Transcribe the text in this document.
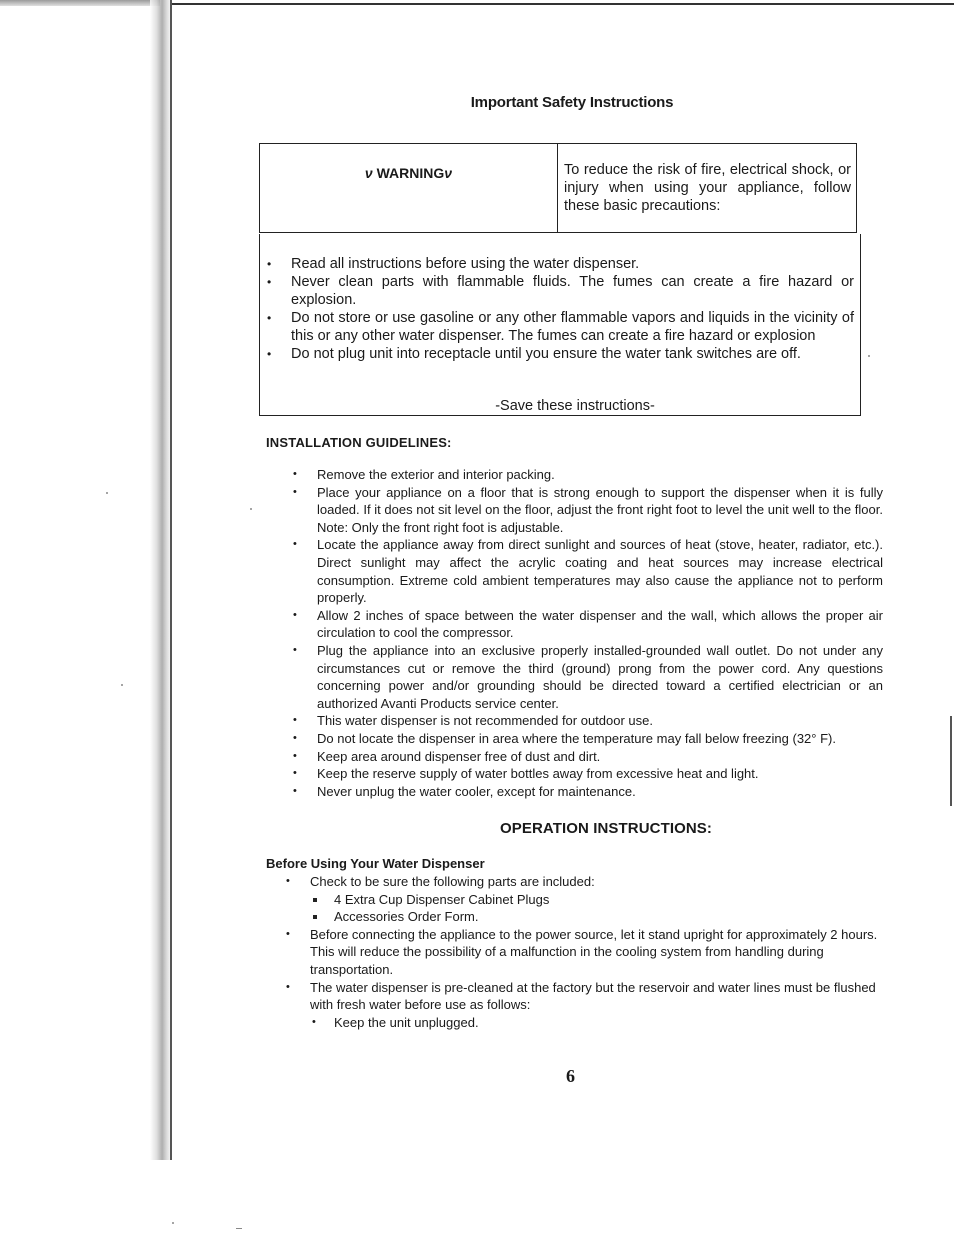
Important Safety Instructions
ν WARNINGν	To reduce the risk of fire, electrical shock, or injury when using your appliance, follow these basic precautions:
• Read all instructions before using the water dispenser.
• Never clean parts with flammable fluids. The fumes can create a fire hazard or explosion.
• Do not store or use gasoline or any other flammable vapors and liquids in the vicinity of this or any other water dispenser. The fumes can create a fire hazard or explosion
• Do not plug unit into receptacle until you ensure the water tank switches are off.
-Save these instructions-
INSTALLATION GUIDELINES:
• Remove the exterior and interior packing.
• Place your appliance on a floor that is strong enough to support the dispenser when it is fully loaded. If it does not sit level on the floor, adjust the front right foot to level the unit well to the floor. Note: Only the front right foot is adjustable.
• Locate the appliance away from direct sunlight and sources of heat (stove, heater, radiator, etc.). Direct sunlight may affect the acrylic coating and heat sources may increase electrical consumption. Extreme cold ambient temperatures may also cause the appliance not to perform properly.
• Allow 2 inches of space between the water dispenser and the wall, which allows the proper air circulation to cool the compressor.
• Plug the appliance into an exclusive properly installed-grounded wall outlet. Do not under any circumstances cut or remove the third (ground) prong from the power cord. Any questions concerning power and/or grounding should be directed toward a certified electrician or an authorized Avanti Products service center.
• This water dispenser is not recommended for outdoor use.
• Do not locate the dispenser in area where the temperature may fall below freezing (32° F).
• Keep area around dispenser free of dust and dirt.
• Keep the reserve supply of water bottles away from excessive heat and light.
• Never unplug the water cooler, except for maintenance.
OPERATION INSTRUCTIONS:
Before Using Your Water Dispenser
• Check to be sure the following parts are included:
4 Extra Cup Dispenser Cabinet Plugs
Accessories Order Form.
• Before connecting the appliance to the power source, let it stand upright for approximately 2 hours. This will reduce the possibility of a malfunction in the cooling system from handling during transportation.
• The water dispenser is pre-cleaned at the factory but the reservoir and water lines must be flushed with fresh water before use as follows:
• Keep the unit unplugged.
6
